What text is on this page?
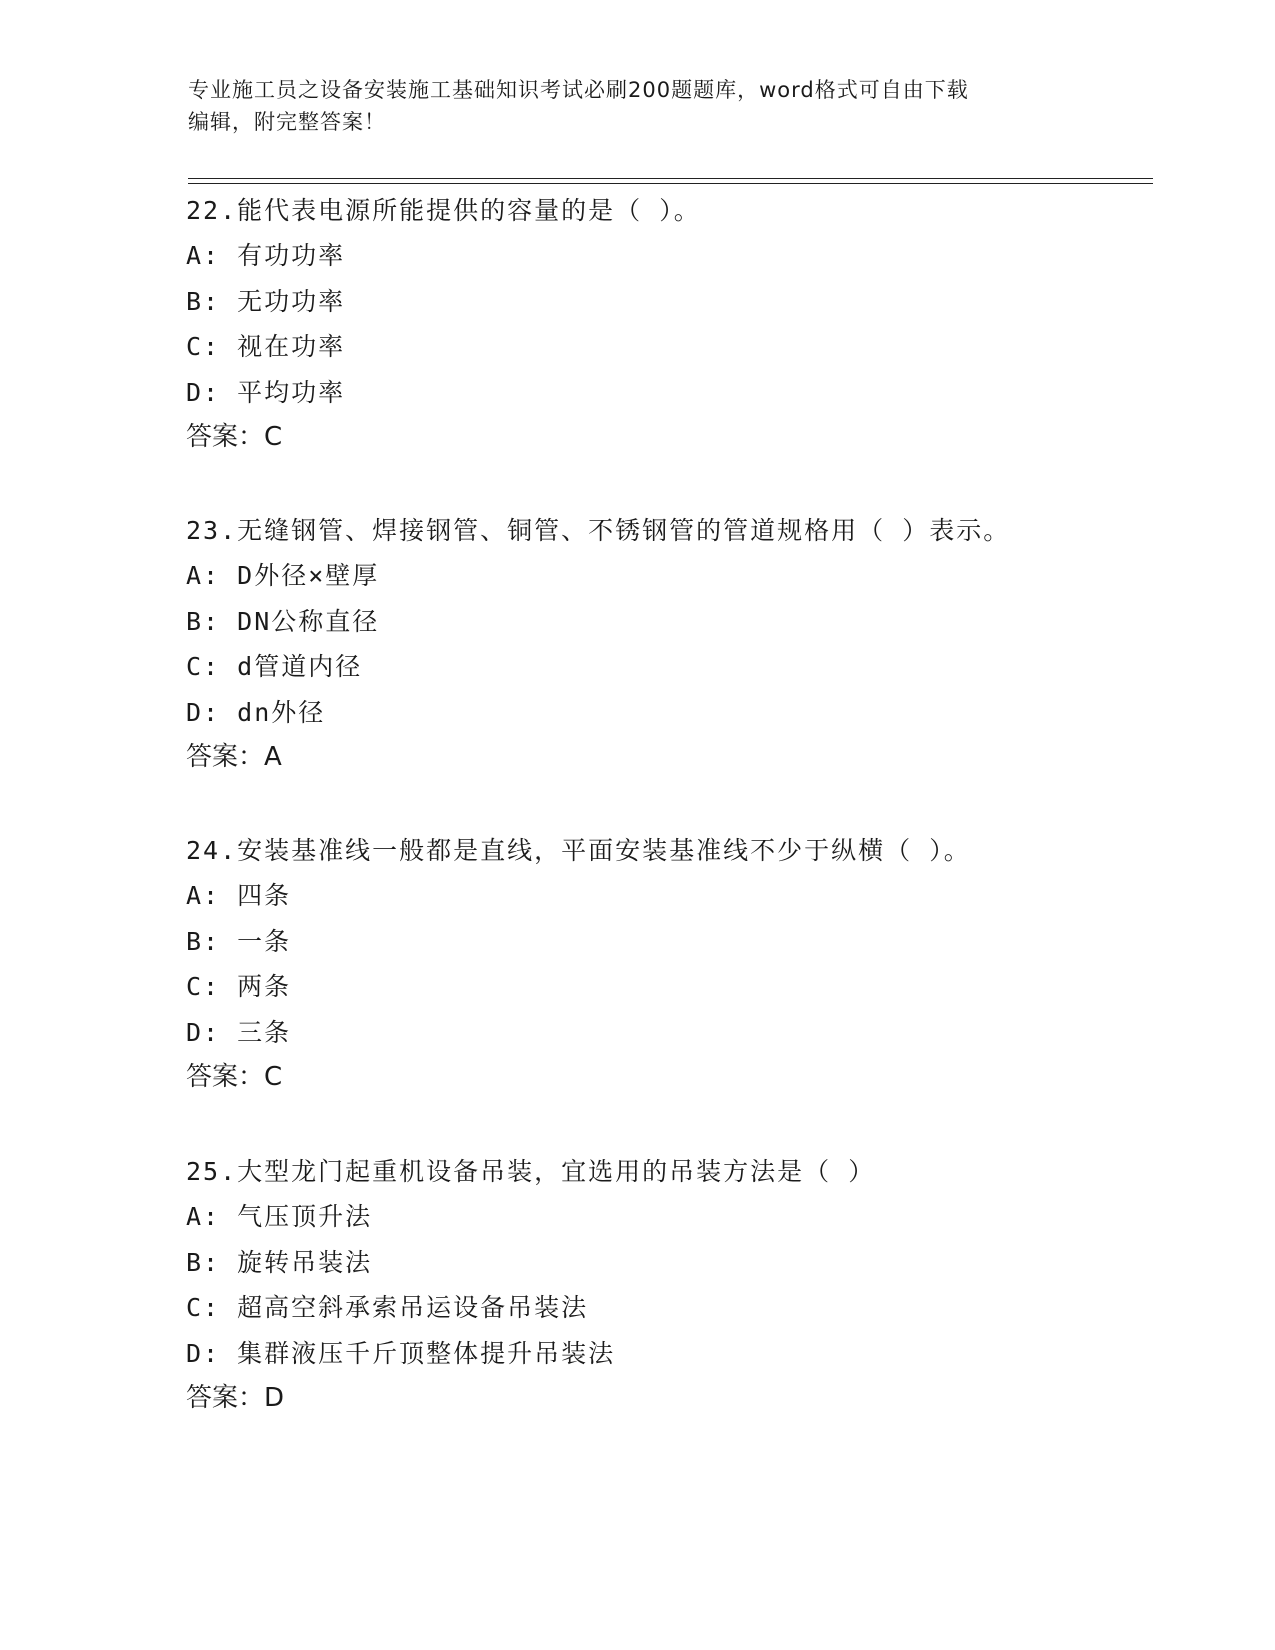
专业施工员之设备安装施工基础知识考试必刷200题题库，word格式可自由下载
编辑，附完整答案！
22.能代表电源所能提供的容量的是（ ）。
A: 有功功率
B: 无功功率
C: 视在功率
D: 平均功率
答案：C
23.无缝钢管、焊接钢管、铜管、不锈钢管的管道规格用（ ）表示。
A: D外径×壁厚
B: DN公称直径
C: d管道内径
D: dn外径
答案：A
24.安装基准线一般都是直线，平面安装基准线不少于纵横（ ）。
A: 四条
B: 一条
C: 两条
D: 三条
答案：C
25.大型龙门起重机设备吊装，宜选用的吊装方法是（ ）
A: 气压顶升法
B: 旋转吊装法
C: 超高空斜承索吊运设备吊装法
D: 集群液压千斤顶整体提升吊装法
答案：D
